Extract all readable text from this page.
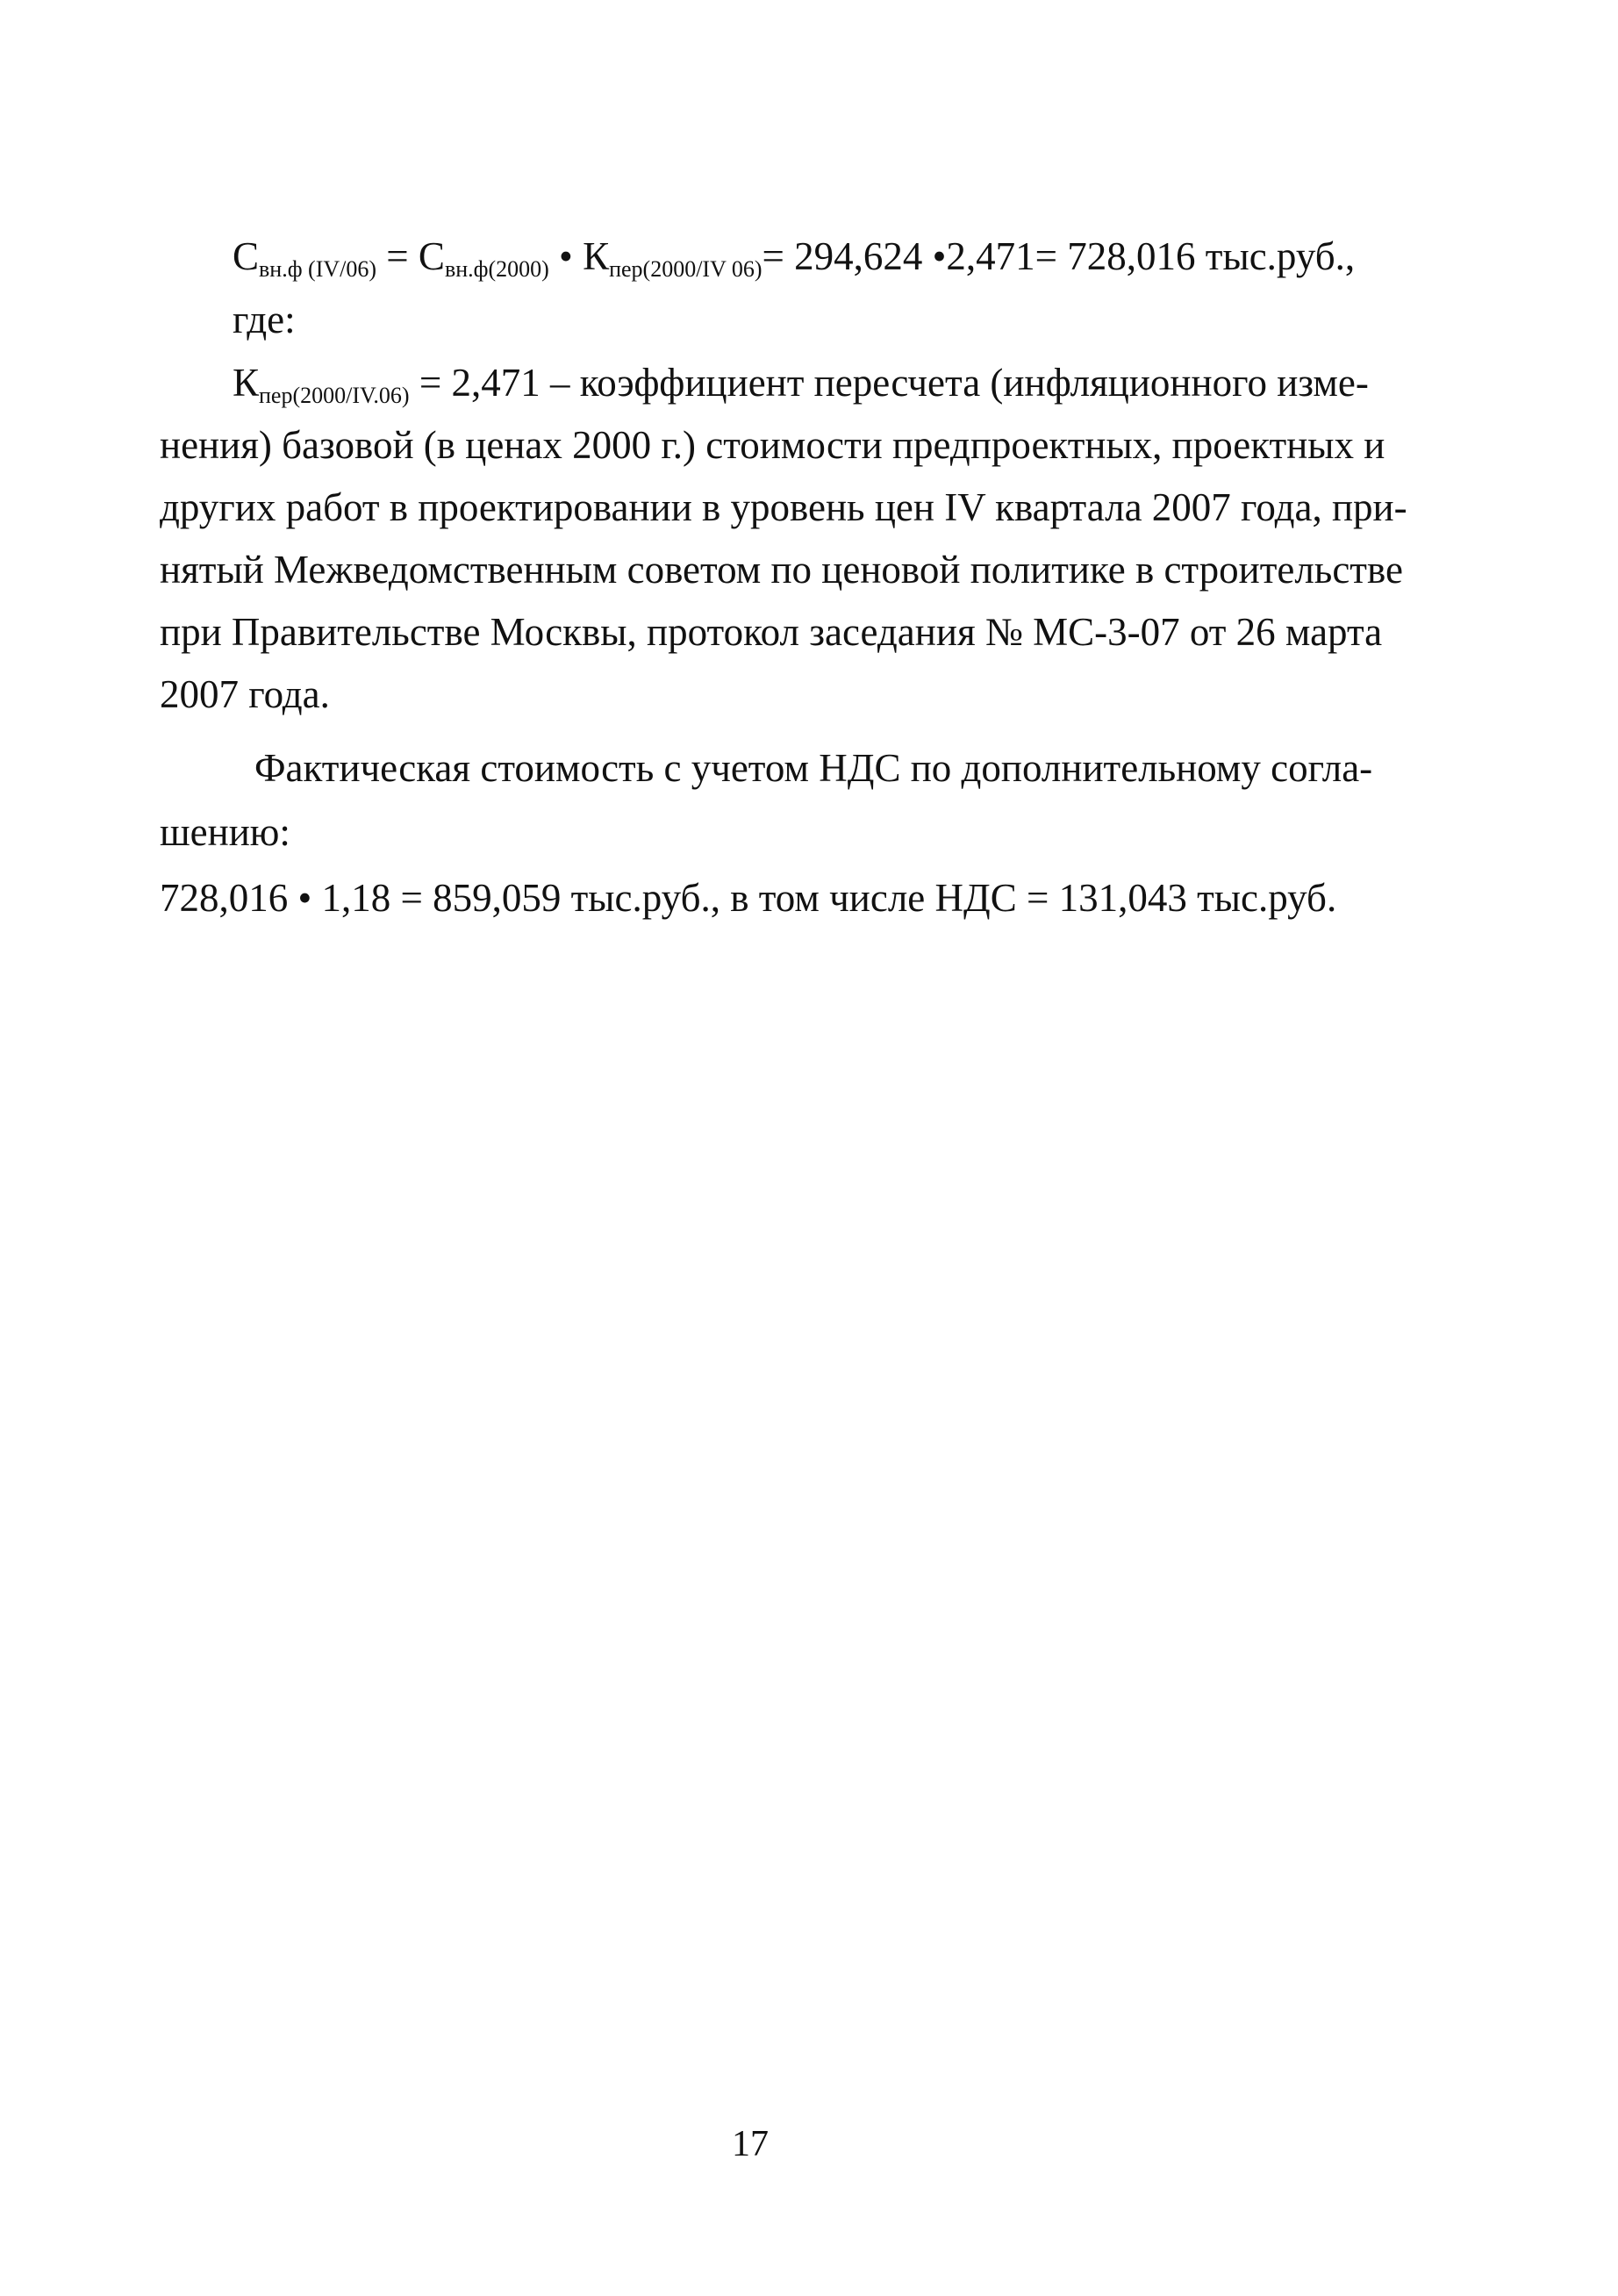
$С_{вн.ф (IV/06)} = С_{вн.ф(2000)}$ • $К_{пер(2000/IV 06)}= 294,624$ •2,471= 728,016 тыс.руб.,
где:
$К_{пер(2000/IV.06)} = 2,471$ – коэффициент пересчета (инфляционного изме-
нения) базовой (в ценах 2000 г.) стоимости предпроектных, проектных и
других работ в проектировании в уровень цен IV квартала 2007 года, при-
нятый Межведомственным советом по ценовой политике в строительстве
при Правительстве Москвы, протокол заседания № МС-3-07 от 26 марта
2007 года.
Фактическая стоимость с учетом НДС по дополнительному согла-
шению:
728,016 • 1,18 = 859,059 тыс.руб., в том числе НДС = 131,043 тыс.руб.
17
